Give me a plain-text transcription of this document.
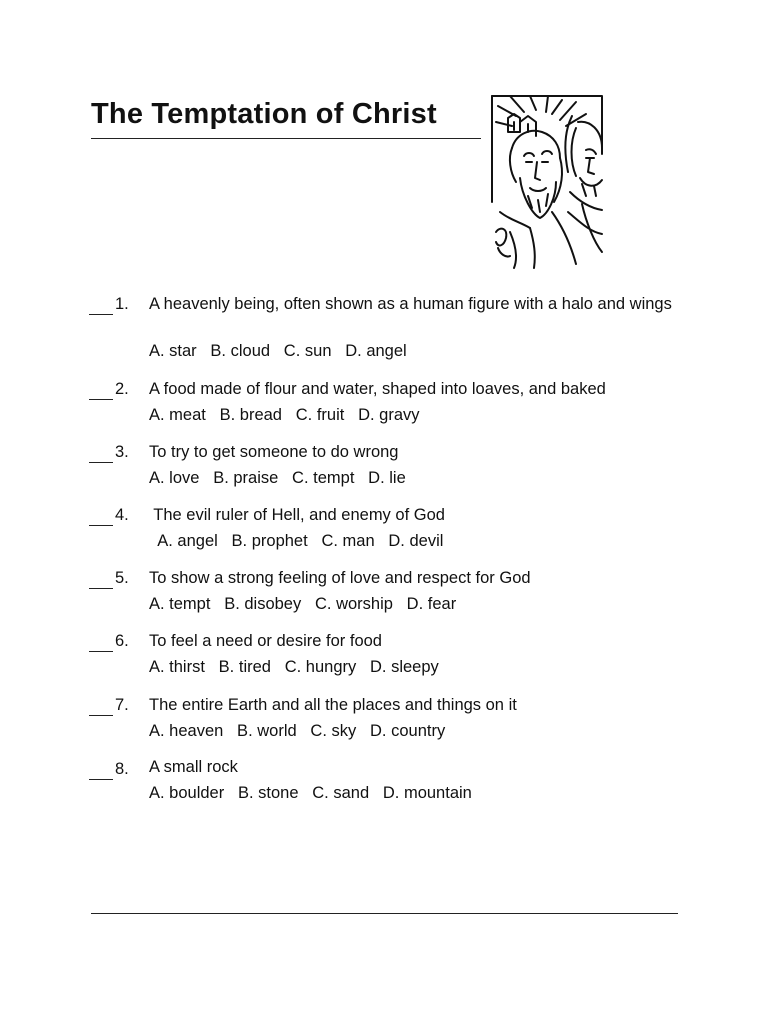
The Temptation of Christ
1. A heavenly being, often shown as a human figure with a halo and wings
A. star   B. cloud   C. sun   D. angel
2. A food made of flour and water, shaped into loaves, and baked
A. meat   B. bread   C. fruit   D. gravy
3. To try to get someone to do wrong
A. love   B. praise   C. tempt   D. lie
4. The evil ruler of Hell, and enemy of God
A. angel   B. prophet   C. man   D. devil
5. To show a strong feeling of love and respect for God
A. tempt   B. disobey   C. worship   D. fear
6. To feel a need or desire for food
A. thirst   B. tired   C. hungry   D. sleepy
7. The entire Earth and all the places and things on it
A. heaven   B. world   C. sky   D. country
8. A small rock
A. boulder   B. stone   C. sand   D. mountain
